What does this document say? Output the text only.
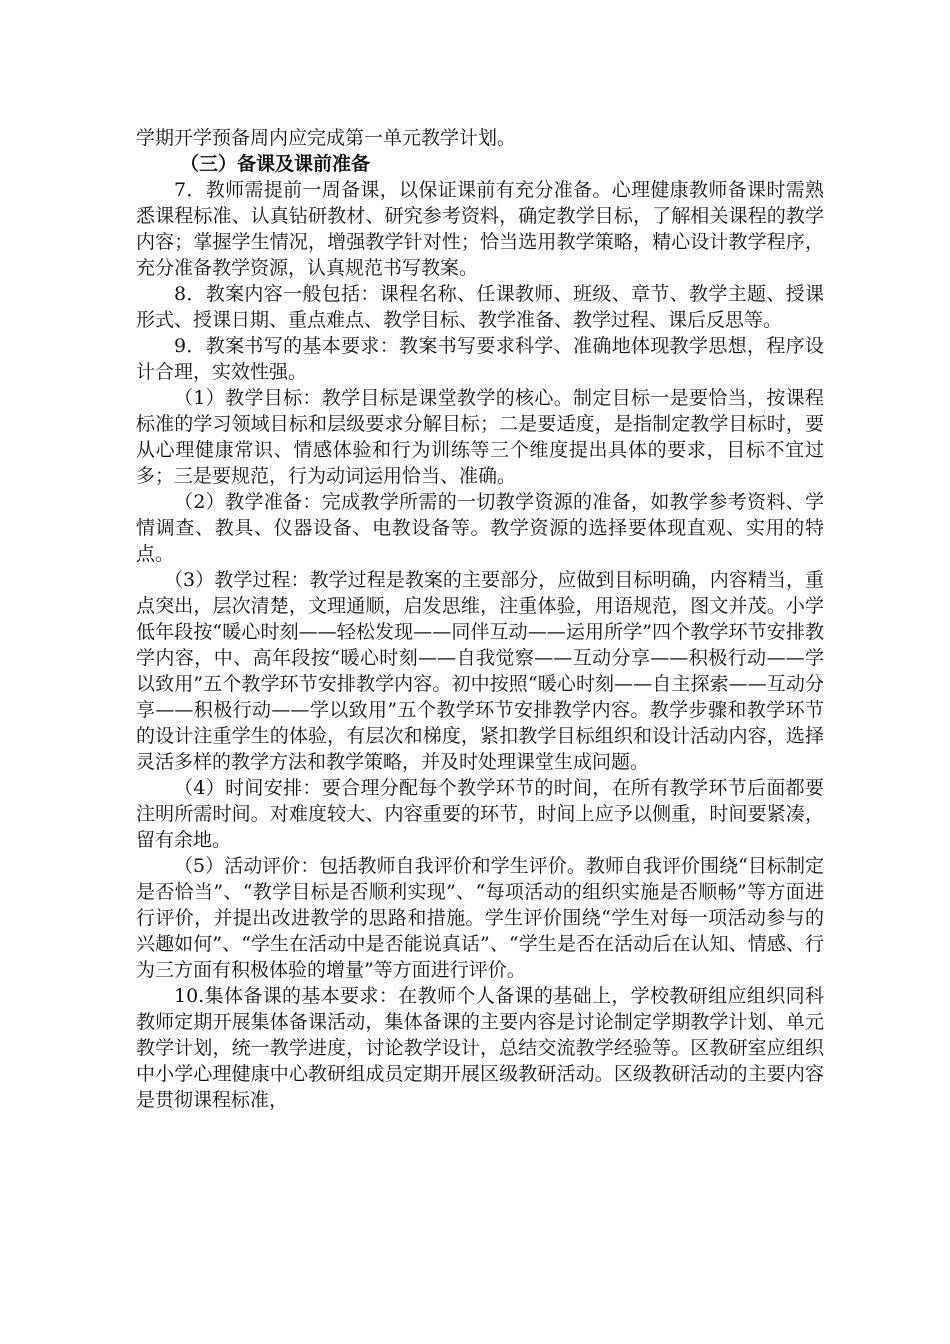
学期开学预备周内应完成第一单元教学计划。

（三）备课及课前准备

7．教师需提前一周备课，以保证课前有充分准备。心理健康教师备课时需熟悉课程标准、认真钻研教材、研究参考资料，确定教学目标，了解相关课程的教学内容；掌握学生情况，增强教学针对性；恰当选用教学策略，精心设计教学程序，充分准备教学资源，认真规范书写教案。

8．教案内容一般包括：课程名称、任课教师、班级、章节、教学主题、授课形式、授课日期、重点难点、教学目标、教学准备、教学过程、课后反思等。

9．教案书写的基本要求：教案书写要求科学、准确地体现教学思想，程序设计合理，实效性强。

（1）教学目标：教学目标是课堂教学的核心。制定目标一是要恰当，按课程标准的学习领域目标和层级要求分解目标；二是要适度，是指制定教学目标时，要从心理健康常识、情感体验和行为训练等三个维度提出具体的要求，目标不宜过多；三是要规范，行为动词运用恰当、准确。

（2）教学准备：完成教学所需的一切教学资源的准备，如教学参考资料、学情调查、教具、仪器设备、电教设备等。教学资源的选择要体现直观、实用的特点。

（3）教学过程：教学过程是教案的主要部分，应做到目标明确，内容精当，重点突出，层次清楚，文理通顺，启发思维，注重体验，用语规范，图文并茂。小学低年段按“暖心时刻——轻松发现——同伴互动——运用所学”四个教学环节安排教学内容，中、高年段按“暖心时刻——自我觉察——互动分享——积极行动——学以致用”五个教学环节安排教学内容。初中按照“暖心时刻——自主探索——互动分享——积极行动——学以致用”五个教学环节安排教学内容。教学步骤和教学环节的设计注重学生的体验，有层次和梯度，紧扣教学目标组织和设计活动内容，选择灵活多样的教学方法和教学策略，并及时处理课堂生成问题。

（4）时间安排：要合理分配每个教学环节的时间，在所有教学环节后面都要注明所需时间。对难度较大、内容重要的环节，时间上应予以侧重，时间要紧凑，留有余地。

（5）活动评价：包括教师自我评价和学生评价。教师自我评价围绕“目标制定是否恰当”、“教学目标是否顺利实现”、“每项活动的组织实施是否顺畅”等方面进行评价，并提出改进教学的思路和措施。学生评价围绕“学生对每一项活动参与的兴趣如何”、“学生在活动中是否能说真话”、“学生是否在活动后在认知、情感、行为三方面有积极体验的增量”等方面进行评价。

10.集体备课的基本要求：在教师个人备课的基础上，学校教研组应组织同科教师定期开展集体备课活动，集体备课的主要内容是讨论制定学期教学计划、单元教学计划，统一教学进度，讨论教学设计，总结交流教学经验等。区教研室应组织中小学心理健康中心教研组成员定期开展区级教研活动。区级教研活动的主要内容是贯彻课程标准，
